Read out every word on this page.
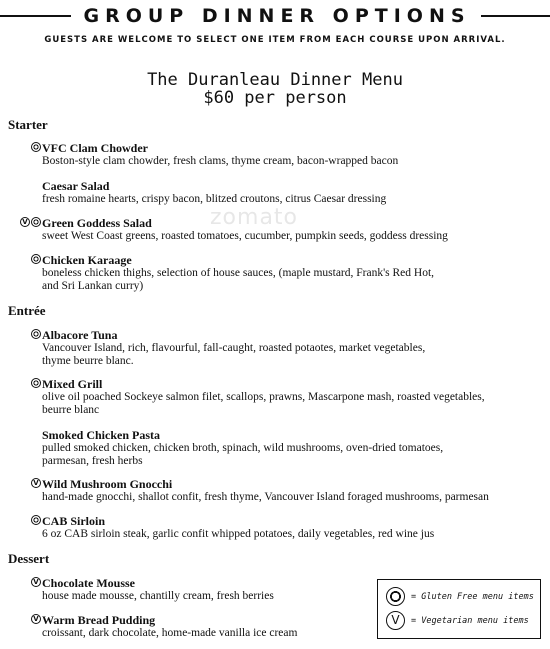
GROUP DINNER OPTIONS
GUESTS ARE WELCOME TO SELECT ONE ITEM FROM EACH COURSE UPON ARRIVAL.
The Duranleau Dinner Menu
$60 per person
zomato
Starter
VFC Clam Chowder
Boston-style clam chowder, fresh clams, thyme cream, bacon-wrapped bacon
Caesar Salad
fresh romaine hearts, crispy bacon, blitzed croutons, citrus Caesar dressing
V Green Goddess Salad
sweet West Coast greens, roasted tomatoes, cucumber, pumpkin seeds, goddess dressing
Chicken Karaage
boneless chicken thighs, selection of house sauces, (maple mustard, Frank's Red Hot,
and Sri Lankan curry)
Entrée
Albacore Tuna
Vancouver Island, rich, flavourful, fall-caught, roasted potaotes, market vegetables,
thyme beurre blanc.
Mixed Grill
olive oil poached Sockeye salmon filet, scallops, prawns, Mascarpone mash, roasted vegetables,
beurre blanc
Smoked Chicken Pasta
pulled smoked chicken, chicken broth, spinach, wild mushrooms, oven-dried tomatoes,
parmesan, fresh herbs
V Wild Mushroom Gnocchi
hand-made gnocchi, shallot confit, fresh thyme, Vancouver Island foraged mushrooms, parmesan
CAB Sirloin
6 oz CAB sirloin steak, garlic confit whipped potatoes, daily vegetables, red wine jus
Dessert
V Chocolate Mousse
house made mousse, chantilly cream, fresh berries
V Warm Bread Pudding
croissant, dark chocolate, home-made vanilla ice cream
= Gluten Free menu items
V	= Vegetarian menu items
